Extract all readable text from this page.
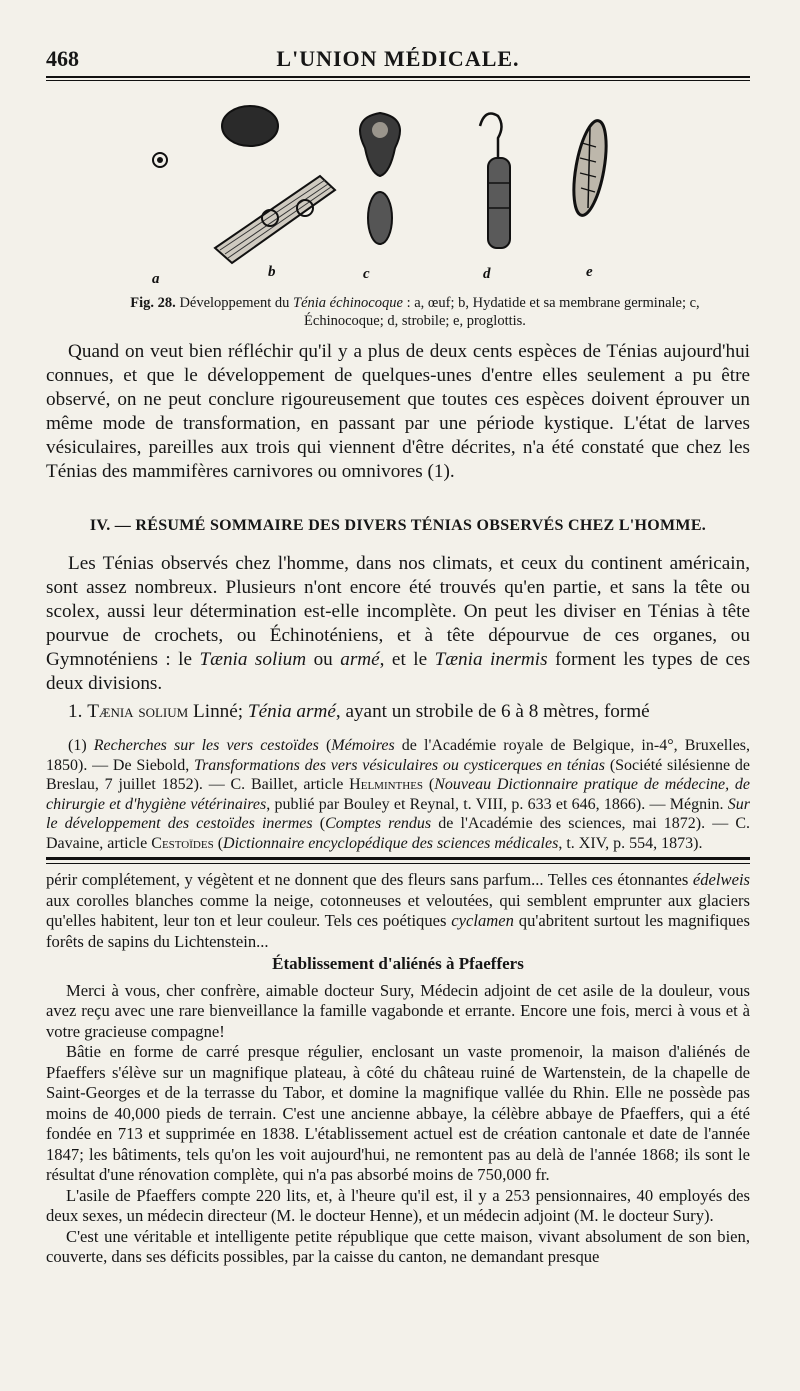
468	L'UNION MÉDICALE.
a	b	c	d	e
Fig. 28. Développement du Ténia échinocoque : a, œuf; b, Hydatide et sa membrane germinale; c, Échinocoque; d, strobile; e, proglottis.

Quand on veut bien réfléchir qu'il y a plus de deux cents espèces de Ténias aujourd'hui connues, et que le développement de quelques-unes d'entre elles seulement a pu être observé, on ne peut conclure rigoureusement que toutes ces espèces doivent éprouver un même mode de transformation, en passant par une période kystique. L'état de larves vésiculaires, pareilles aux trois qui viennent d'être décrites, n'a été constaté que chez les Ténias des mammifères carnivores ou omnivores (1).

IV. — RÉSUMÉ SOMMAIRE DES DIVERS TÉNIAS OBSERVÉS CHEZ L'HOMME.

Les Ténias observés chez l'homme, dans nos climats, et ceux du continent américain, sont assez nombreux. Plusieurs n'ont encore été trouvés qu'en partie, et sans la tête ou scolex, aussi leur détermination est-elle incomplète. On peut les diviser en Ténias à tête pourvue de crochets, ou Échinoténiens, et à tête dépourvue de ces organes, ou Gymnoténiens : le Tænia solium ou armé, et le Tænia inermis forment les types de ces deux divisions.

1. Tænia solium Linné; Ténia armé, ayant un strobile de 6 à 8 mètres, formé

(1) Recherches sur les vers cestoïdes (Mémoires de l'Académie royale de Belgique, in-4°, Bruxelles, 1850). — De Siebold, Transformations des vers vésiculaires ou cysticerques en ténias (Société silésienne de Breslau, 7 juillet 1852). — C. Baillet, article Helminthes (Nouveau Dictionnaire pratique de médecine, de chirurgie et d'hygiène vétérinaires, publié par Bouley et Reynal, t. VIII, p. 633 et 646, 1866). — Mégnin. Sur le développement des cestoïdes inermes (Comptes rendus de l'Académie des sciences, mai 1872). — C. Davaine, article Cestoïdes (Dictionnaire encyclopédique des sciences médicales, t. XIV, p. 554, 1873).

périr complétement, y végètent et ne donnent que des fleurs sans parfum... Telles ces étonnantes édelweis aux corolles blanches comme la neige, cotonneuses et veloutées, qui semblent emprunter aux glaciers qu'elles habitent, leur ton et leur couleur. Tels ces poétiques cyclamen qu'abritent surtout les magnifiques forêts de sapins du Lichtenstein...

Établissement d'aliénés à Pfaeffers

Merci à vous, cher confrère, aimable docteur Sury, Médecin adjoint de cet asile de la douleur, vous avez reçu avec une rare bienveillance la famille vagabonde et errante. Encore une fois, merci à vous et à votre gracieuse compagne!

Bâtie en forme de carré presque régulier, enclosant un vaste promenoir, la maison d'aliénés de Pfaeffers s'élève sur un magnifique plateau, à côté du château ruiné de Wartenstein, de la chapelle de Saint-Georges et de la terrasse du Tabor, et domine la magnifique vallée du Rhin. Elle ne possède pas moins de 40,000 pieds de terrain. C'est une ancienne abbaye, la célèbre abbaye de Pfaeffers, qui a été fondée en 713 et supprimée en 1838. L'établissement actuel est de création cantonale et date de l'année 1847; les bâtiments, tels qu'on les voit aujourd'hui, ne remontent pas au delà de l'année 1868; ils sont le résultat d'une rénovation complète, qui n'a pas absorbé moins de 750,000 fr.

L'asile de Pfaeffers compte 220 lits, et, à l'heure qu'il est, il y a 253 pensionnaires, 40 employés des deux sexes, un médecin directeur (M. le docteur Henne), et un médecin adjoint (M. le docteur Sury).

C'est une véritable et intelligente petite république que cette maison, vivant absolument de son bien, couverte, dans ses déficits possibles, par la caisse du canton, ne demandant presque
